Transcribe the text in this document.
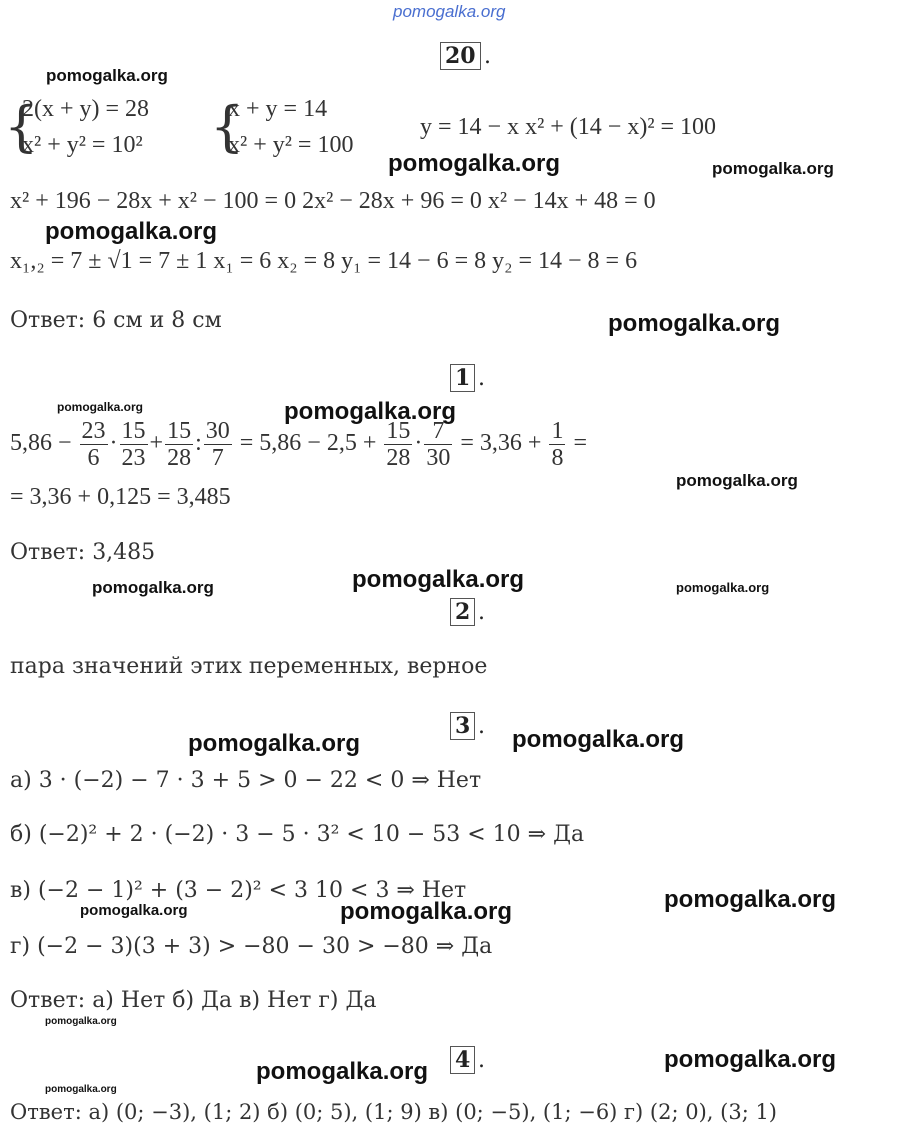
pomogalka.org
20 .
{
2(x + y) = 28
x² + y² = 10² {
x + y = 14
x² + y² = 100
y = 14 − x x² + (14 − x)² = 100
x² + 196 − 28x + x² − 100 = 0 2x² − 28x + 96 = 0 x² − 14x + 48 = 0
x₁,₂ = 7 ± √1 = 7 ± 1 x₁ = 6 x₂ = 8 y₁ = 14 − 6 = 8 y₂ = 14 − 8 = 6
Ответ: 6 см и 8 см
1 .
$5,86 - \frac{23}{6} \cdot \frac{15}{23} + \frac{15}{28}$ : $\frac{30}{7} = 5,86 - 2,5 + \frac{15}{28} \cdot \frac{7}{30} = 3,36 + \frac{1}{8}$ =
= 3,36 + 0,125 = 3,485
Ответ: 3,485
2 .
пара значений этих переменных, верное
3 .
а) 3 · (−2) − 7 · 3 + 5 > 0 − 22 < 0 ⇒ Нет
б) (−2)² + 2 · (−2) · 3 − 5 · 3² < 10 − 53 < 10 ⇒ Да
в) (−2 − 1)² + (3 − 2)² < 3 10 < 3 ⇒ Нет
г) (−2 − 3)(3 + 3) > −80 − 30 > −80 ⇒ Да
Ответ: а) Нет б) Да в) Нет г) Да
4 .
Ответ: а) (0; −3), (1; 2) б) (0; 5), (1; 9) в) (0; −5), (1; −6) г) (2; 0), (3; 1)
pomogalka.org
pomogalka.org	pomogalka.org
pomogalka.org
pomogalka.org
pomogalka.org	pomogalka.org
pomogalka.org
pomogalka.org	pomogalka.org	pomogalka.org
pomogalka.org	pomogalka.org
pomogalka.org	pomogalka.org	pomogalka.org
pomogalka.org
pomogalka.org	pomogalka.org
pomogalka.org
